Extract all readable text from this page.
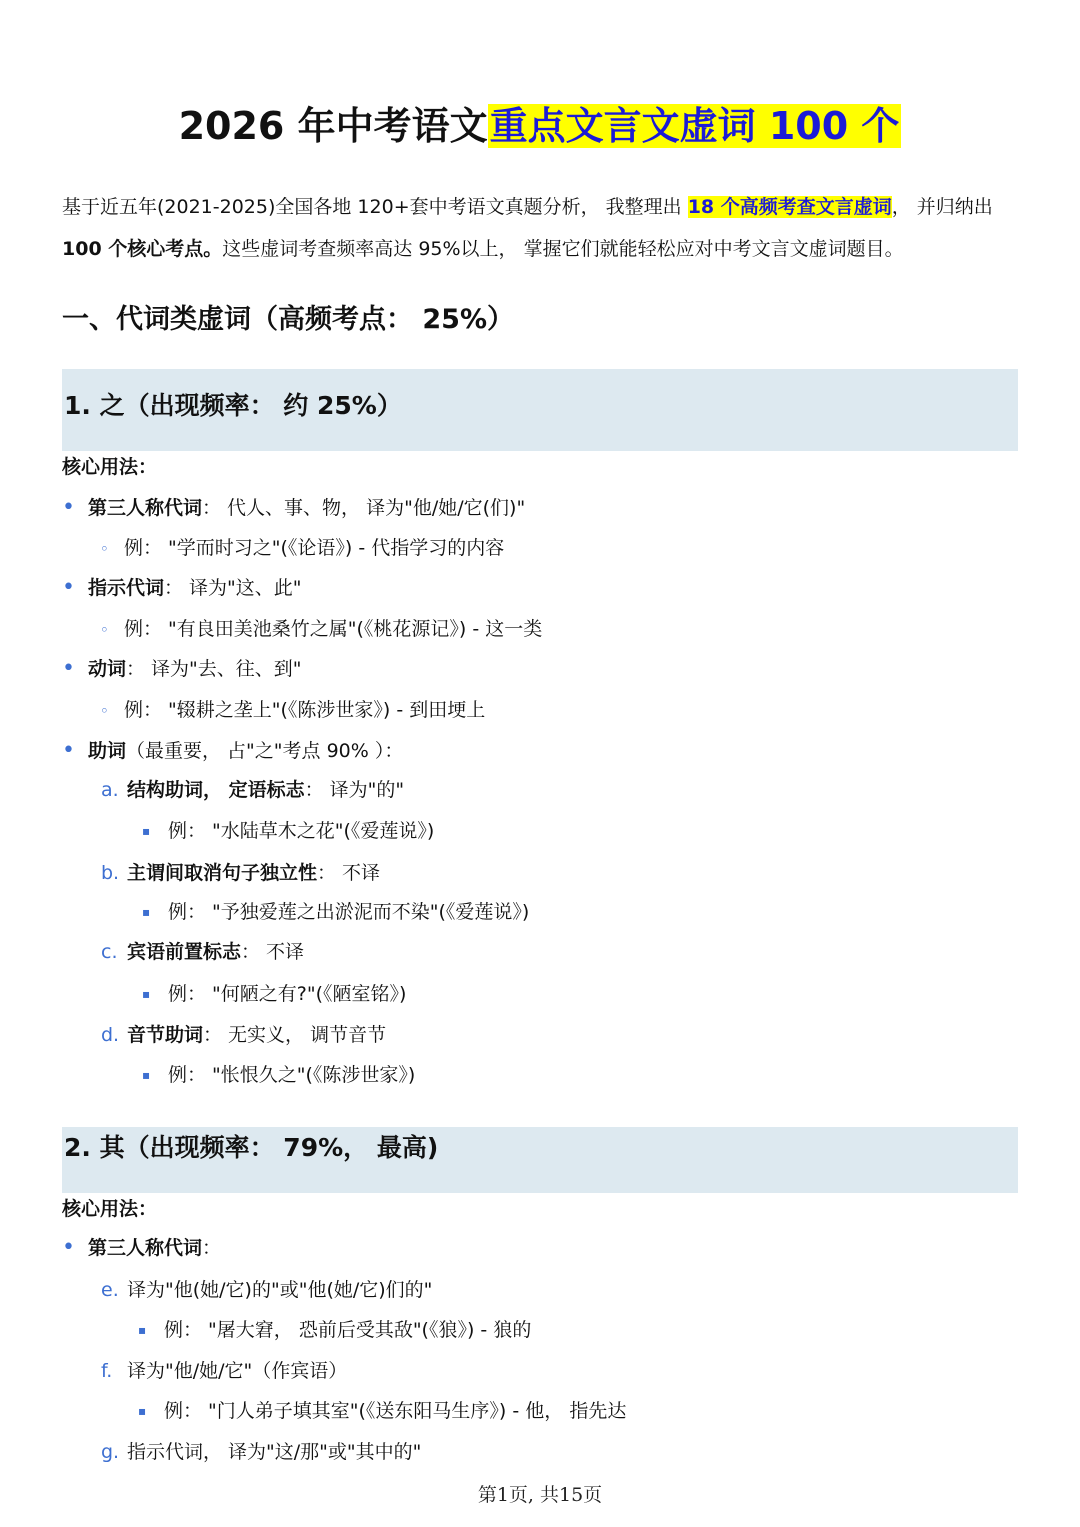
2026 年中考语文重点文言文虚词 100 个
基于近五年(2021-2025)全国各地 120+套中考语文真题分析， 我整理出 18 个高频考查文言虚词， 并归纳出
100 个核心考点。这些虚词考查频率高达 95%以上， 掌握它们就能轻松应对中考文言文虚词题目。
一、代词类虚词（高频考点： 25%）
1. 之（出现频率： 约 25%）
核心用法：
• 第三人称代词： 代人、事、物， 译为"他/她/它(们)"
◦ 例： "学而时习之"(《论语》) - 代指学习的内容
• 指示代词： 译为"这、此"
◦ 例： "有良田美池桑竹之属"(《桃花源记》) - 这一类
• 动词： 译为"去、往、到"
◦ 例： "辍耕之垄上"(《陈涉世家》) - 到田埂上
• 助词（最重要， 占"之"考点 90% ）：
a. 结构助词， 定语标志： 译为"的"
▪ 例： "水陆草木之花"(《爱莲说》)
b. 主谓间取消句子独立性： 不译
▪ 例： "予独爱莲之出淤泥而不染"(《爱莲说》)
c. 宾语前置标志： 不译
▪ 例： "何陋之有?"(《陋室铭》)
d. 音节助词： 无实义， 调节音节
▪ 例： "怅恨久之"(《陈涉世家》)
2. 其（出现频率： 79%， 最高)
核心用法：
• 第三人称代词：
e. 译为"他(她/它)的"或"他(她/它)们的"
▪ 例： "屠大窘， 恐前后受其敌"(《狼》) - 狼的
f. 译为"他/她/它"（作宾语）
▪ 例： "门人弟子填其室"(《送东阳马生序》) - 他， 指先达
g. 指示代词， 译为"这/那"或"其中的"
第1页, 共15页
